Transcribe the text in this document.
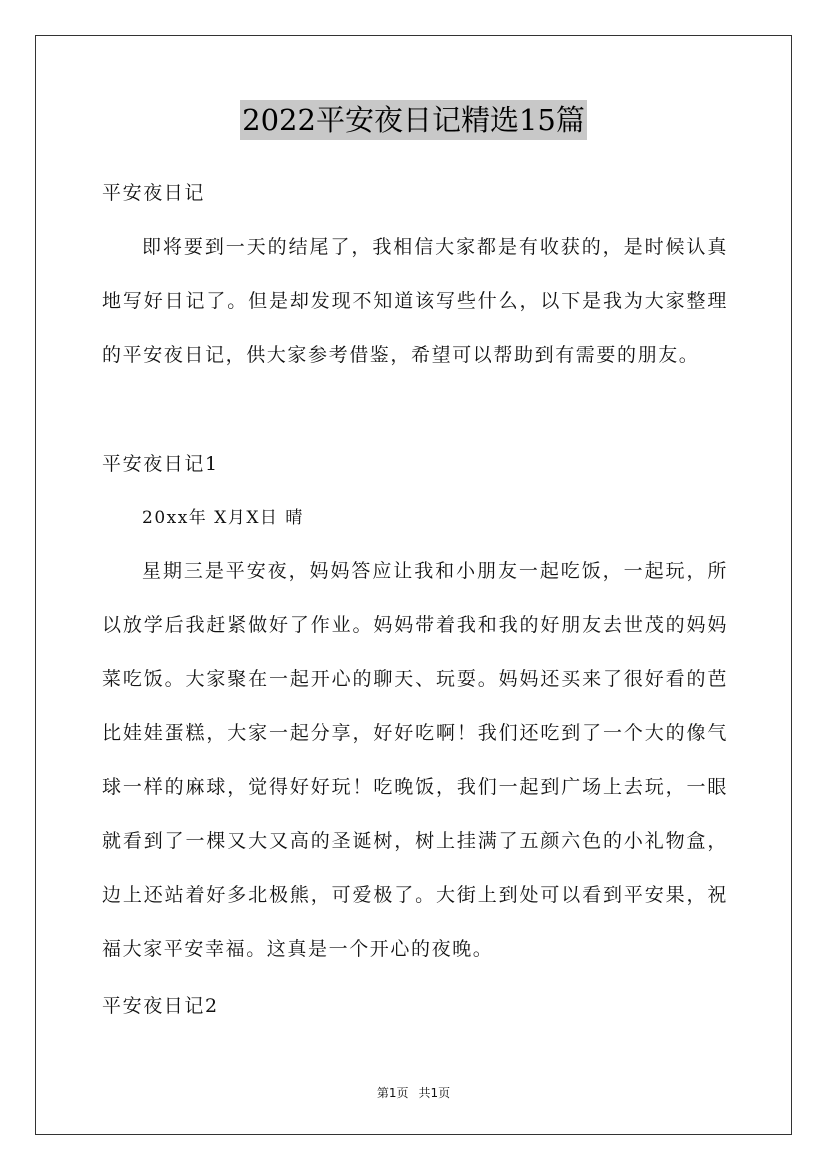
2022平安夜日记精选15篇
平安夜日记

即将要到一天的结尾了，我相信大家都是有收获的，是时候认真地写好日记了。但是却发现不知道该写些什么，以下是我为大家整理的平安夜日记，供大家参考借鉴，希望可以帮助到有需要的朋友。

平安夜日记1
20xx年 X月X日 晴

星期三是平安夜，妈妈答应让我和小朋友一起吃饭，一起玩，所以放学后我赶紧做好了作业。妈妈带着我和我的好朋友去世茂的妈妈菜吃饭。大家聚在一起开心的聊天、玩耍。妈妈还买来了很好看的芭比娃娃蛋糕，大家一起分享，好好吃啊！我们还吃到了一个大的像气球一样的麻球，觉得好好玩！吃晚饭，我们一起到广场上去玩，一眼就看到了一棵又大又高的圣诞树，树上挂满了五颜六色的小礼物盒，边上还站着好多北极熊，可爱极了。大街上到处可以看到平安果，祝福大家平安幸福。这真是一个开心的夜晚。

平安夜日记2
第1页 共1页
